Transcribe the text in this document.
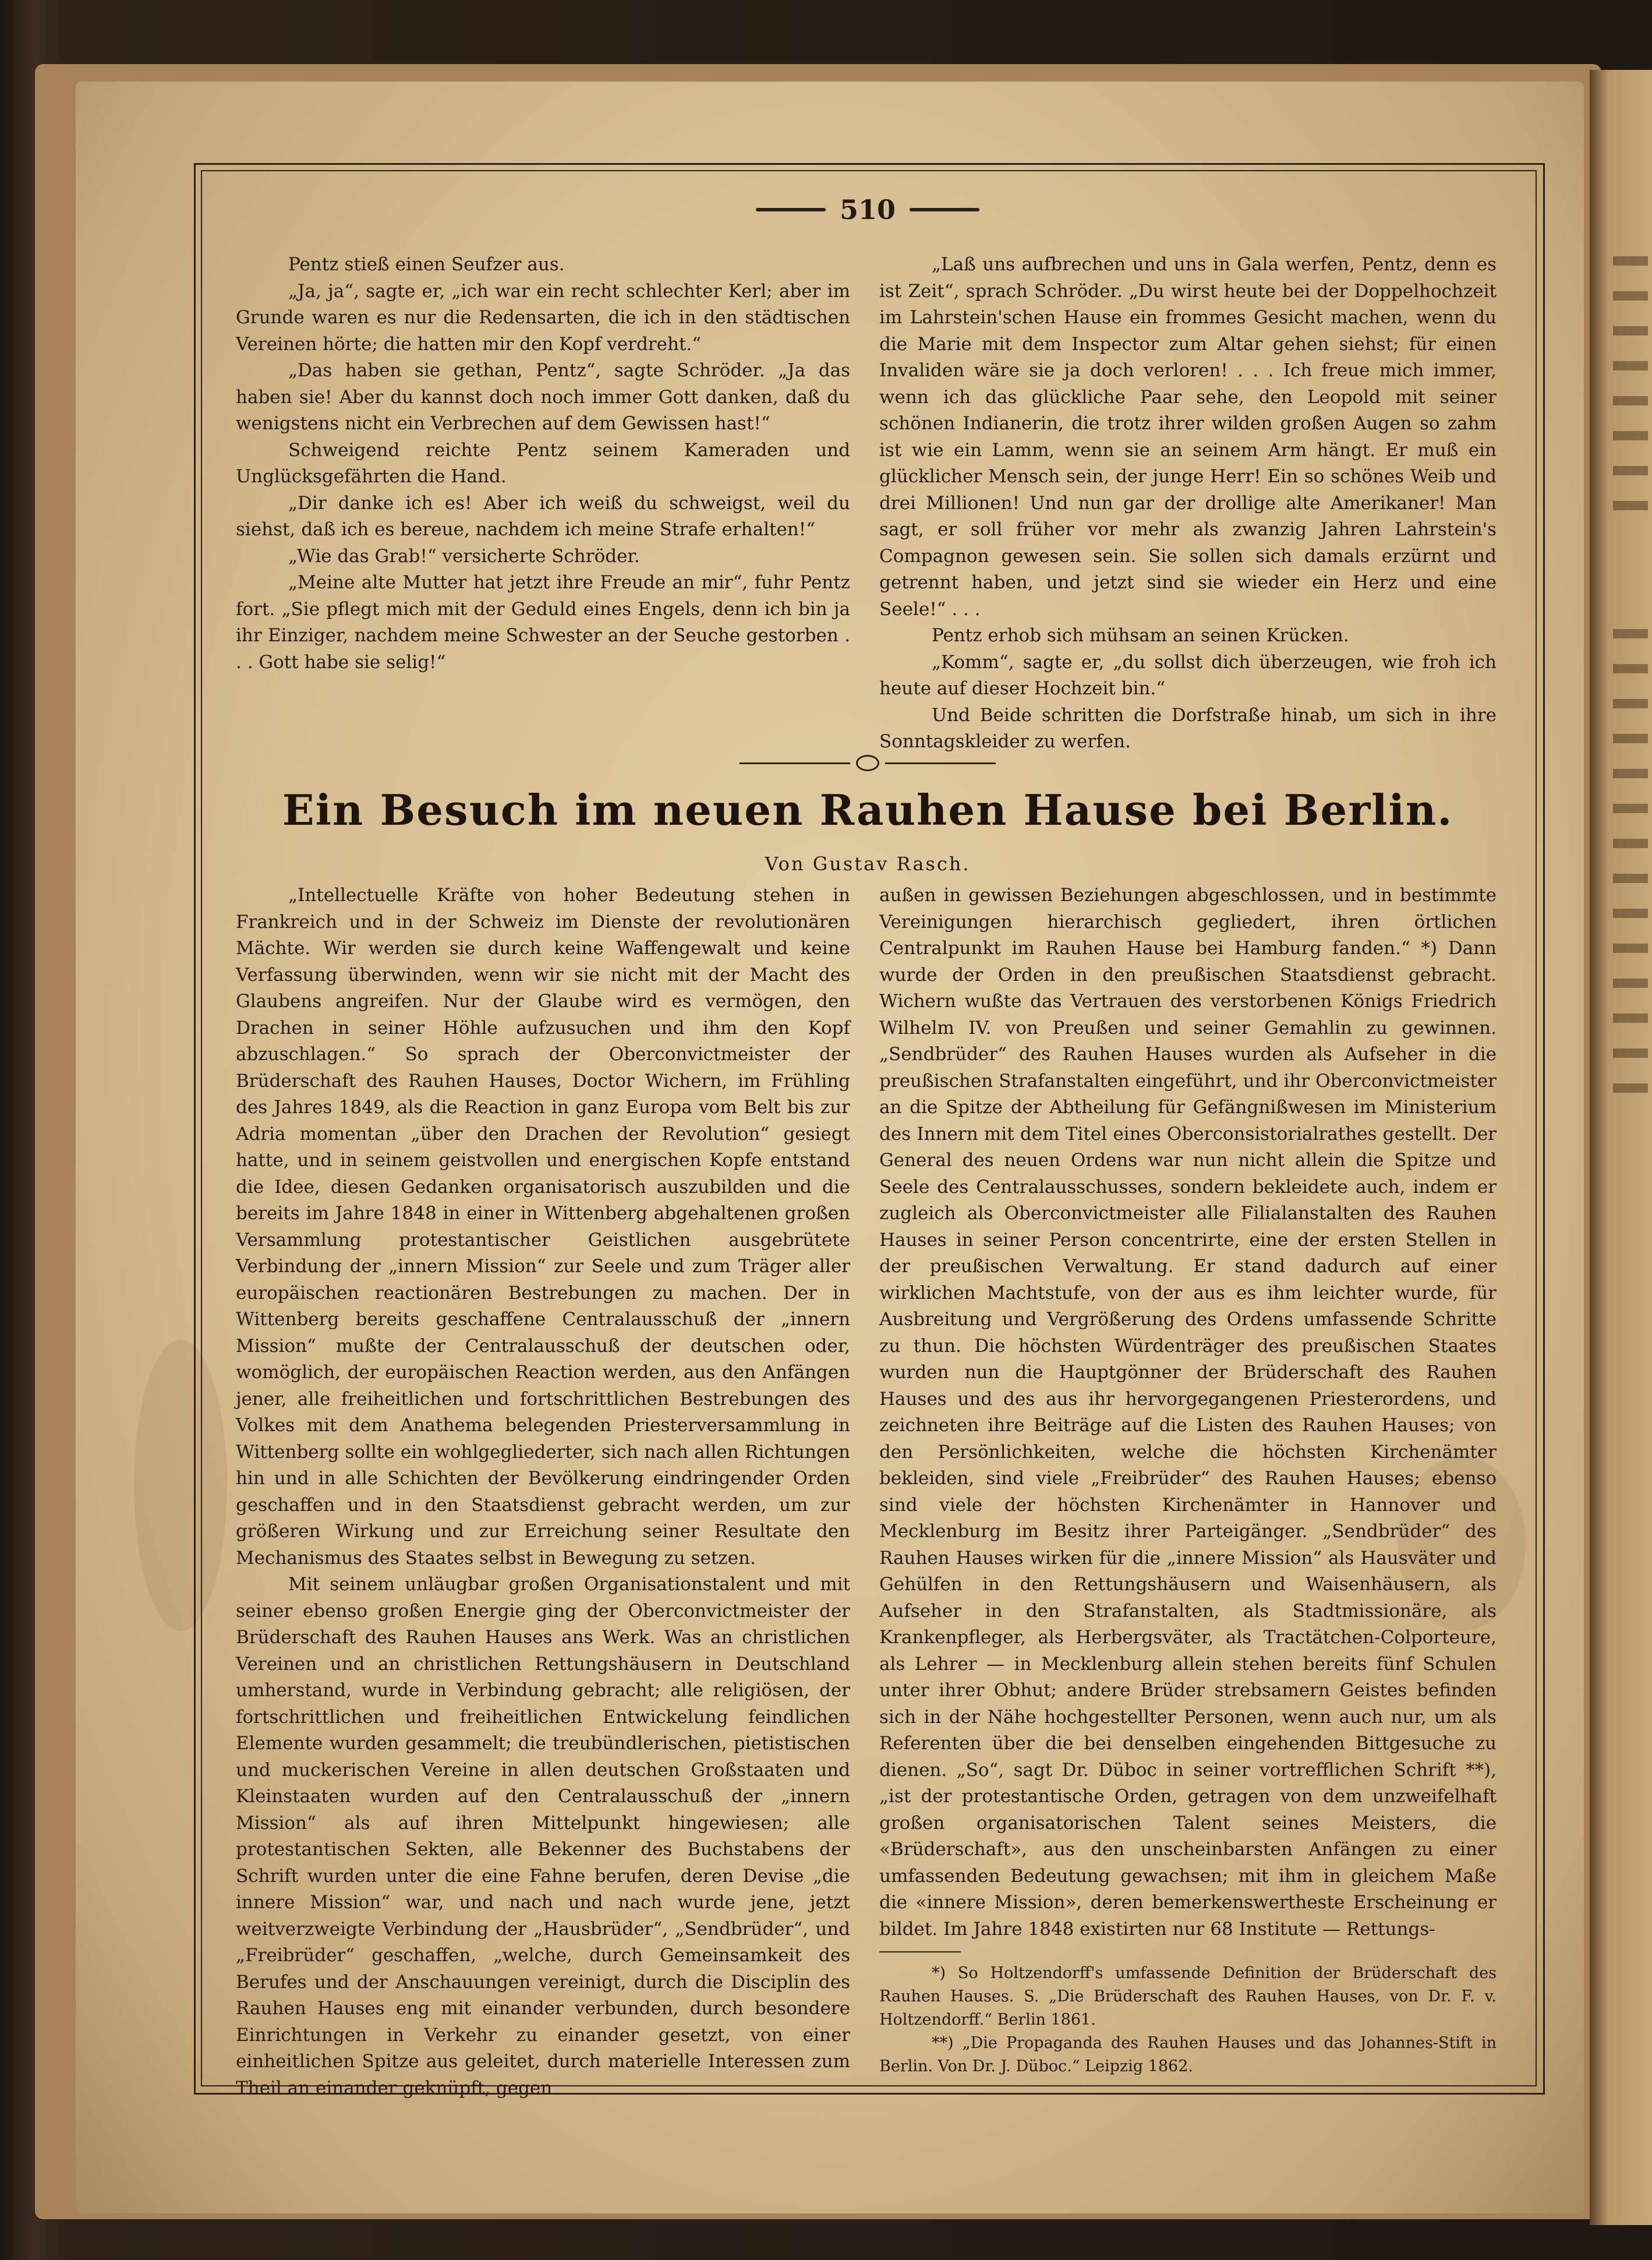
510

Pentz stieß einen Seufzer aus.

„Ja, ja“, sagte er, „ich war ein recht schlechter Kerl; aber im Grunde waren es nur die Redensarten, die ich in den städtischen Vereinen hörte; die hatten mir den Kopf verdreht.“

„Das haben sie gethan, Pentz“, sagte Schröder. „Ja das haben sie! Aber du kannst doch noch immer Gott danken, daß du wenigstens nicht ein Verbrechen auf dem Gewissen hast!“

Schweigend reichte Pentz seinem Kameraden und Unglücksgefährten die Hand.

„Dir danke ich es! Aber ich weiß du schweigst, weil du siehst, daß ich es bereue, nachdem ich meine Strafe erhalten!“

„Wie das Grab!“ versicherte Schröder.

„Meine alte Mutter hat jetzt ihre Freude an mir“, fuhr Pentz fort. „Sie pflegt mich mit der Geduld eines Engels, denn ich bin ja ihr Einziger, nachdem meine Schwester an der Seuche gestorben . . . Gott habe sie selig!“

„Laß uns aufbrechen und uns in Gala werfen, Pentz, denn es ist Zeit“, sprach Schröder. „Du wirst heute bei der Doppelhochzeit im Lahrstein'schen Hause ein frommes Gesicht machen, wenn du die Marie mit dem Inspector zum Altar gehen siehst; für einen Invaliden wäre sie ja doch verloren! . . . Ich freue mich immer, wenn ich das glückliche Paar sehe, den Leopold mit seiner schönen Indianerin, die trotz ihrer wilden großen Augen so zahm ist wie ein Lamm, wenn sie an seinem Arm hängt. Er muß ein glücklicher Mensch sein, der junge Herr! Ein so schönes Weib und drei Millionen! Und nun gar der drollige alte Amerikaner! Man sagt, er soll früher vor mehr als zwanzig Jahren Lahrstein's Compagnon gewesen sein. Sie sollen sich damals erzürnt und getrennt haben, und jetzt sind sie wieder ein Herz und eine Seele!“ . . .

Pentz erhob sich mühsam an seinen Krücken.

„Komm“, sagte er, „du sollst dich überzeugen, wie froh ich heute auf dieser Hochzeit bin.“

Und Beide schritten die Dorfstraße hinab, um sich in ihre Sonntagskleider zu werfen.

Ein Besuch im neuen Rauhen Hause bei Berlin.
Von Gustav Rasch.

„Intellectuelle Kräfte von hoher Bedeutung stehen in Frankreich und in der Schweiz im Dienste der revolutionären Mächte. Wir werden sie durch keine Waffengewalt und keine Verfassung überwinden, wenn wir sie nicht mit der Macht des Glaubens angreifen. Nur der Glaube wird es vermögen, den Drachen in seiner Höhle aufzusuchen und ihm den Kopf abzuschlagen.“ So sprach der Oberconvictmeister der Brüderschaft des Rauhen Hauses, Doctor Wichern, im Frühling des Jahres 1849, als die Reaction in ganz Europa vom Belt bis zur Adria momentan „über den Drachen der Revolution“ gesiegt hatte, und in seinem geistvollen und energischen Kopfe entstand die Idee, diesen Gedanken organisatorisch auszubilden und die bereits im Jahre 1848 in einer in Wittenberg abgehaltenen großen Versammlung protestantischer Geistlichen ausgebrütete Verbindung der „innern Mission“ zur Seele und zum Träger aller europäischen reactionären Bestrebungen zu machen. Der in Wittenberg bereits geschaffene Centralausschuß der „innern Mission“ mußte der Centralausschuß der deutschen oder, womöglich, der europäischen Reaction werden, aus den Anfängen jener, alle freiheitlichen und fortschrittlichen Bestrebungen des Volkes mit dem Anathema belegenden Priesterversammlung in Wittenberg sollte ein wohlgegliederter, sich nach allen Richtungen hin und in alle Schichten der Bevölkerung eindringender Orden geschaffen und in den Staatsdienst gebracht werden, um zur größeren Wirkung und zur Erreichung seiner Resultate den Mechanismus des Staates selbst in Bewegung zu setzen.

Mit seinem unläugbar großen Organisationstalent und mit seiner ebenso großen Energie ging der Oberconvictmeister der Brüderschaft des Rauhen Hauses ans Werk. Was an christlichen Vereinen und an christlichen Rettungshäusern in Deutschland umherstand, wurde in Verbindung gebracht; alle religiösen, der fortschrittlichen und freiheitlichen Entwickelung feindlichen Elemente wurden gesammelt; die treubündlerischen, pietistischen und muckerischen Vereine in allen deutschen Großstaaten und Kleinstaaten wurden auf den Centralausschuß der „innern Mission“ als auf ihren Mittelpunkt hingewiesen; alle protestantischen Sekten, alle Bekenner des Buchstabens der Schrift wurden unter die eine Fahne berufen, deren Devise „die innere Mission“ war, und nach und nach wurde jene, jetzt weitverzweigte Verbindung der „Hausbrüder“, „Sendbrüder“, und „Freibrüder“ geschaffen, „welche, durch Gemeinsamkeit des Berufes und der Anschauungen vereinigt, durch die Disciplin des Rauhen Hauses eng mit einander verbunden, durch besondere Einrichtungen in Verkehr zu einander gesetzt, von einer einheitlichen Spitze aus geleitet, durch materielle Interessen zum Theil an einander geknüpft, gegen

außen in gewissen Beziehungen abgeschlossen, und in bestimmte Vereinigungen hierarchisch gegliedert, ihren örtlichen Centralpunkt im Rauhen Hause bei Hamburg fanden.“ *) Dann wurde der Orden in den preußischen Staatsdienst gebracht. Wichern wußte das Vertrauen des verstorbenen Königs Friedrich Wilhelm IV. von Preußen und seiner Gemahlin zu gewinnen. „Sendbrüder“ des Rauhen Hauses wurden als Aufseher in die preußischen Strafanstalten eingeführt, und ihr Oberconvictmeister an die Spitze der Abtheilung für Gefängnißwesen im Ministerium des Innern mit dem Titel eines Oberconsistorialrathes gestellt. Der General des neuen Ordens war nun nicht allein die Spitze und Seele des Centralausschusses, sondern bekleidete auch, indem er zugleich als Oberconvictmeister alle Filialanstalten des Rauhen Hauses in seiner Person concentrirte, eine der ersten Stellen in der preußischen Verwaltung. Er stand dadurch auf einer wirklichen Machtstufe, von der aus es ihm leichter wurde, für Ausbreitung und Vergrößerung des Ordens umfassende Schritte zu thun. Die höchsten Würdenträger des preußischen Staates wurden nun die Hauptgönner der Brüderschaft des Rauhen Hauses und des aus ihr hervorgegangenen Priesterordens, und zeichneten ihre Beiträge auf die Listen des Rauhen Hauses; von den Persönlichkeiten, welche die höchsten Kirchenämter bekleiden, sind viele „Freibrüder“ des Rauhen Hauses; ebenso sind viele der höchsten Kirchenämter in Hannover und Mecklenburg im Besitz ihrer Parteigänger. „Sendbrüder“ des Rauhen Hauses wirken für die „innere Mission“ als Hausväter und Gehülfen in den Rettungshäusern und Waisenhäusern, als Aufseher in den Strafanstalten, als Stadtmissionäre, als Krankenpfleger, als Herbergsväter, als Tractätchen-Colporteure, als Lehrer — in Mecklenburg allein stehen bereits fünf Schulen unter ihrer Obhut; andere Brüder strebsamern Geistes befinden sich in der Nähe hochgestellter Personen, wenn auch nur, um als Referenten über die bei denselben eingehenden Bittgesuche zu dienen. „So“, sagt Dr. Düboc in seiner vortrefflichen Schrift **), „ist der protestantische Orden, getragen von dem unzweifelhaft großen organisatorischen Talent seines Meisters, die «Brüderschaft», aus den unscheinbarsten Anfängen zu einer umfassenden Bedeutung gewachsen; mit ihm in gleichem Maße die «innere Mission», deren bemerkenswertheste Erscheinung er bildet. Im Jahre 1848 existirten nur 68 Institute — Rettungs-

*) So Holtzendorff's umfassende Definition der Brüderschaft des Rauhen Hauses. S. „Die Brüderschaft des Rauhen Hauses, von Dr. F. v. Holtzendorff.“ Berlin 1861.

**) „Die Propaganda des Rauhen Hauses und das Johannes-Stift in Berlin. Von Dr. J. Düboc.“ Leipzig 1862.
